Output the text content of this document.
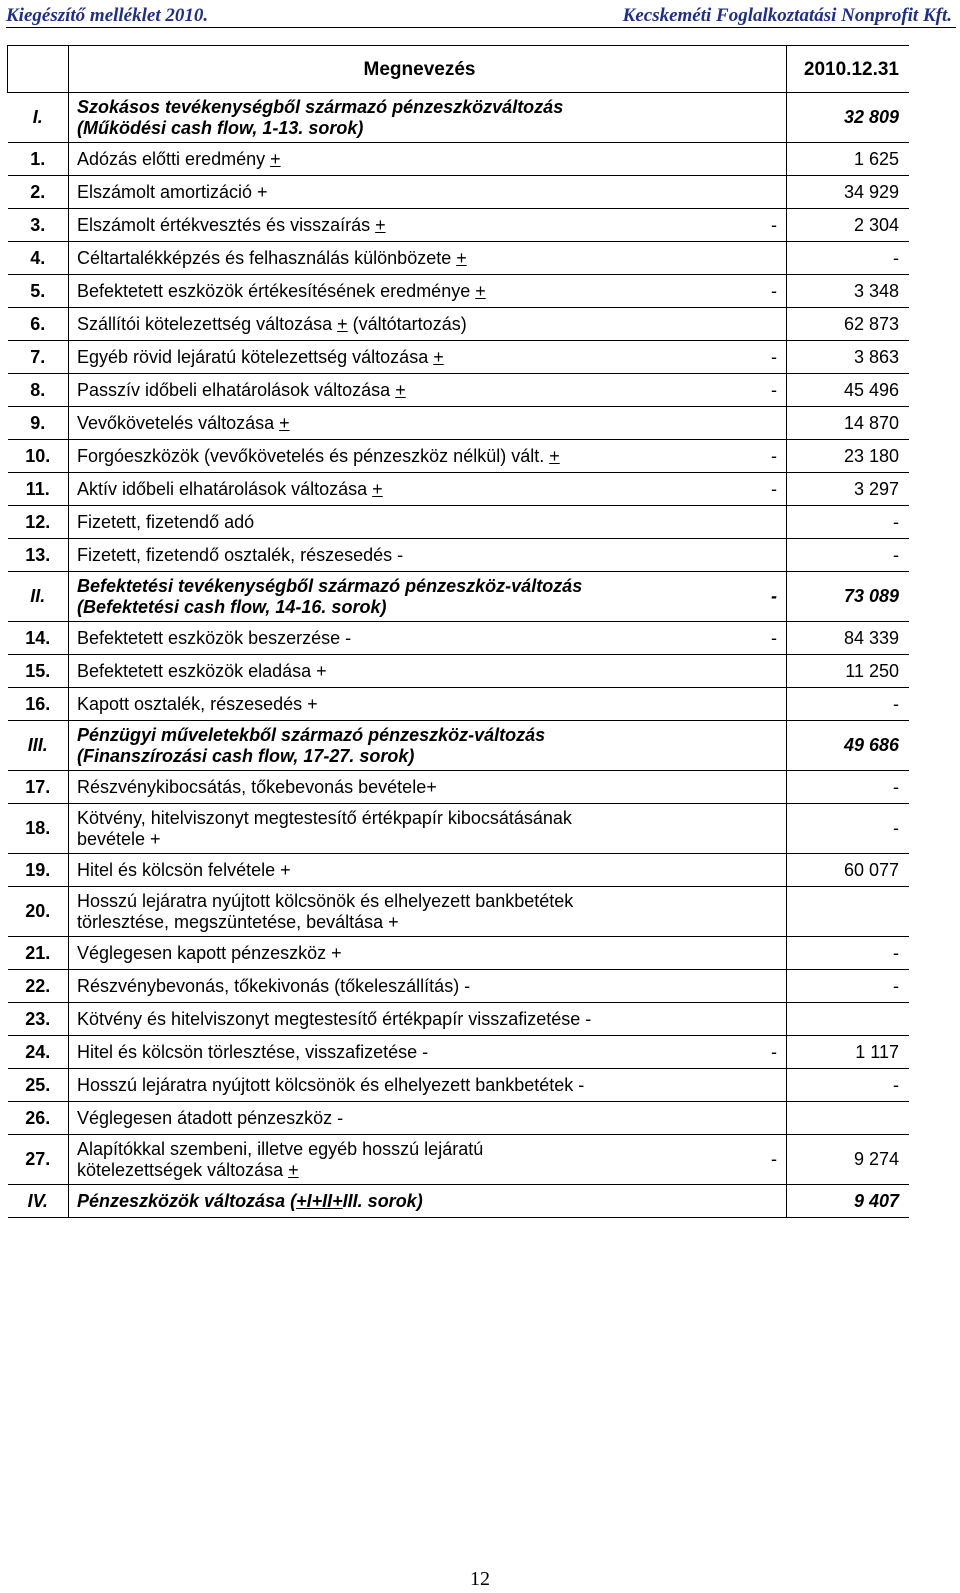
Kiegészítő melléklet 2010.	Kecskeméti Foglalkoztatási Nonprofit Kft.
	Megnevezés		2010.12.31
I.	Szokásos tevékenységből származó pénzeszközváltozás
(Működési cash flow, 1-13. sorok)		32 809
1.	Adózás előtti eredmény +		1 625
2.	Elszámolt amortizáció +		34 929
3.	Elszámolt értékvesztés és visszaírás +	-	2 304
4.	Céltartalékképzés és felhasználás különbözete +		-
5.	Befektetett eszközök értékesítésének eredménye +	-	3 348
6.	Szállítói kötelezettség változása + (váltótartozás)		62 873
7.	Egyéb rövid lejáratú kötelezettség változása +	-	3 863
8.	Passzív időbeli elhatárolások változása +	-	45 496
9.	Vevőkövetelés változása +		14 870
10.	Forgóeszközök (vevőkövetelés és pénzeszköz nélkül) vált. +	-	23 180
11.	Aktív időbeli elhatárolások változása +	-	3 297
12.	Fizetett, fizetendő adó		-
13.	Fizetett, fizetendő osztalék, részesedés -		-
II.	Befektetési tevékenységből származó pénzeszköz-változás
(Befektetési cash flow, 14-16. sorok)	-	73 089
14.	Befektetett eszközök beszerzése -	-	84 339
15.	Befektetett eszközök eladása +		11 250
16.	Kapott osztalék, részesedés +		-
III.	Pénzügyi műveletekből származó pénzeszköz-változás
(Finanszírozási cash flow, 17-27. sorok)		49 686
17.	Részvénykibocsátás, tőkebevonás bevétele+		-
18.	Kötvény, hitelviszonyt megtestesítő értékpapír kibocsátásának
bevétele +		-
19.	Hitel és kölcsön felvétele +		60 077
20.	Hosszú lejáratra nyújtott kölcsönök és elhelyezett bankbetétek
törlesztése, megszüntetése, beváltása +		
21.	Véglegesen kapott pénzeszköz +		-
22.	Részvénybevonás, tőkekivonás (tőkeleszállítás) -		-
23.	Kötvény és hitelviszonyt megtestesítő értékpapír visszafizetése -		
24.	Hitel és kölcsön törlesztése, visszafizetése -	-	1 117
25.	Hosszú lejáratra nyújtott kölcsönök és elhelyezett bankbetétek -		-
26.	Véglegesen átadott pénzeszköz -		
27.	Alapítókkal szembeni, illetve egyéb hosszú lejáratú
kötelezettségek változása +	-	9 274
IV.	Pénzeszközök változása (+I+II+III. sorok)		9 407
12
